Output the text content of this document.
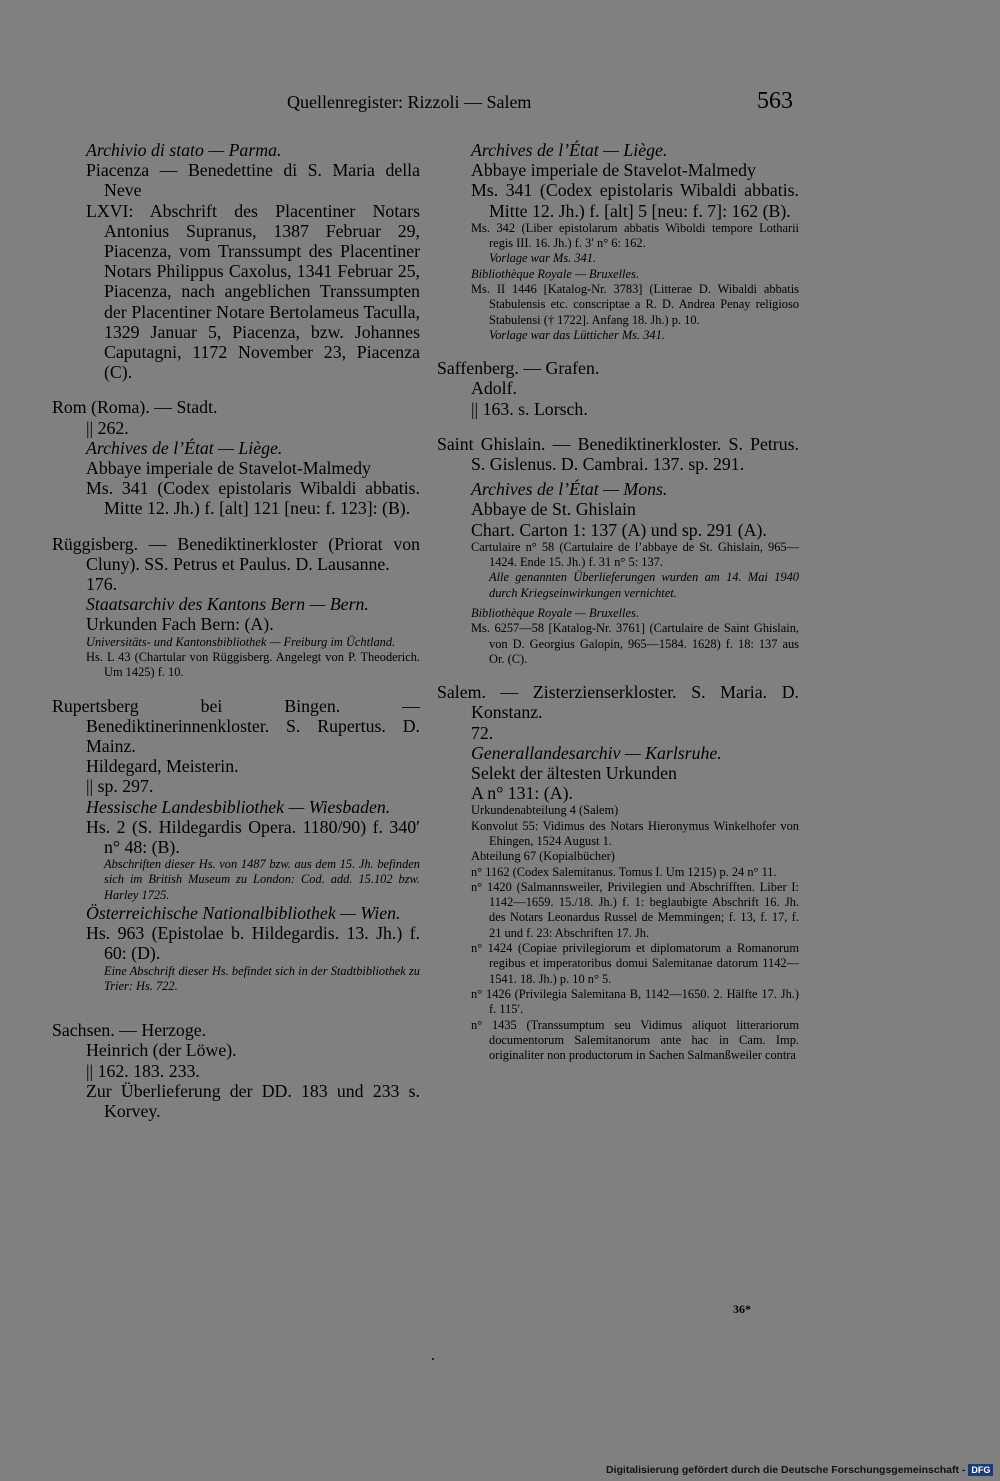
Quellenregister: Rizzoli — Salem	563

Archivio di stato — Parma.

Piacenza — Benedettine di S. Maria della Neve

LXVI: Abschrift des Placentiner Notars Antonius Supranus, 1387 Februar 29, Piacenza, vom Transsumpt des Placentiner Notars Philippus Caxolus, 1341 Februar 25, Piacenza, nach angeblichen Transsumpten der Placentiner Notare Bertolameus Taculla, 1329 Januar 5, Piacenza, bzw. Johannes Caputagni, 1172 November 23, Piacenza (C).

Rom (Roma). — Stadt.

|| 262.

Archives de l’État — Liège.

Abbaye imperiale de Stavelot-Malmedy

Ms. 341 (Codex epistolaris Wibaldi abbatis. Mitte 12. Jh.) f. [alt] 121 [neu: f. 123]: (B).

Rüggisberg. — Benediktinerkloster (Priorat von Cluny). SS. Petrus et Paulus. D. Lausanne.

176.

Staatsarchiv des Kantons Bern — Bern.

Urkunden Fach Bern: (A).

Universitäts- und Kantonsbibliothek — Freiburg im Üchtland.

Hs. L 43 (Chartular von Rüggisberg. Angelegt von P. Theoderich. Um 1425) f. 10.

Rupertsberg bei Bingen. — Benediktinerinnenkloster. S. Rupertus. D. Mainz.

Hildegard, Meisterin.

|| sp. 297.

Hessische Landesbibliothek — Wiesbaden.

Hs. 2 (S. Hildegardis Opera. 1180/90) f. 340′ n° 48: (B).

Abschriften dieser Hs. von 1487 bzw. aus dem 15. Jh. befinden sich im British Museum zu London: Cod. add. 15.102 bzw. Harley 1725.

Österreichische Nationalbibliothek — Wien.

Hs. 963 (Epistolae b. Hildegardis. 13. Jh.) f. 60: (D).

Eine Abschrift dieser Hs. befindet sich in der Stadtbibliothek zu Trier: Hs. 722.

Sachsen. — Herzoge.

Heinrich (der Löwe).

|| 162. 183. 233.

Zur Überlieferung der DD. 183 und 233 s. Korvey.

Archives de l’État — Liège.

Abbaye imperiale de Stavelot-Malmedy

Ms. 341 (Codex epistolaris Wibaldi abbatis. Mitte 12. Jh.) f. [alt] 5 [neu: f. 7]: 162 (B).

Ms. 342 (Liber epistolarum abbatis Wiboldi tempore Lotharii regis III. 16. Jh.) f. 3′ n° 6: 162.

Vorlage war Ms. 341.

Bibliothèque Royale — Bruxelles.

Ms. II 1446 [Katalog-Nr. 3783] (Litterae D. Wibaldi abbatis Stabulensis etc. conscriptae a R. D. Andrea Penay religioso Stabulensi († 1722]. Anfang 18. Jh.) p. 10.

Vorlage war das Lütticher Ms. 341.

Saffenberg. — Grafen.

Adolf.

|| 163. s. Lorsch.

Saint Ghislain. — Benediktinerkloster. S. Petrus. S. Gislenus. D. Cambrai. 137. sp. 291.

Archives de l’État — Mons.

Abbaye de St. Ghislain

Chart. Carton 1: 137 (A) und sp. 291 (A).

Cartulaire n° 58 (Cartulaire de l’abbaye de St. Ghislain, 965—1424. Ende 15. Jh.) f. 31 n° 5: 137.

Alle genannten Überlieferungen wurden am 14. Mai 1940 durch Kriegseinwirkungen vernichtet.

Bibliothèque Royale — Bruxelles.

Ms. 6257—58 [Katalog-Nr. 3761] (Cartulaire de Saint Ghislain, von D. Georgius Galopin, 965—1584. 1628) f. 18: 137 aus Or. (C).

Salem. — Zisterzienserkloster. S. Maria. D. Konstanz.

72.

Generallandesarchiv — Karlsruhe.

Selekt der ältesten Urkunden

A n° 131: (A).

Urkundenabteilung 4 (Salem)

Konvolut 55: Vidimus des Notars Hieronymus Winkelhofer von Ehingen, 1524 August 1.

Abteilung 67 (Kopialbücher)

n° 1162 (Codex Salemitanus. Tomus I. Um 1215) p. 24 n° 11.

n° 1420 (Salmannsweiler, Privilegien und Abschrifften. Liber I: 1142—1659. 15./18. Jh.) f. 1: beglaubigte Abschrift 16. Jh. des Notars Leonardus Russel de Memmingen; f. 13, f. 17, f. 21 und f. 23: Abschriften 17. Jh.

n° 1424 (Copiae privilegiorum et diplomatorum a Romanorum regibus et imperatoribus domui Salemitanae datorum 1142—1541. 18. Jh.) p. 10 n° 5.

n° 1426 (Privilegia Salemitana B, 1142—1650. 2. Hälfte 17. Jh.) f. 115′.

n° 1435 (Transsumptum seu Vidimus aliquot litterariorum documentorum Salemitanorum ante hac in Cam. Imp. originaliter non productorum in Sachen Salmanßweiler contra

36*
Digitalisierung gefördert durch die Deutsche Forschungsgemeinschaft - DFG
